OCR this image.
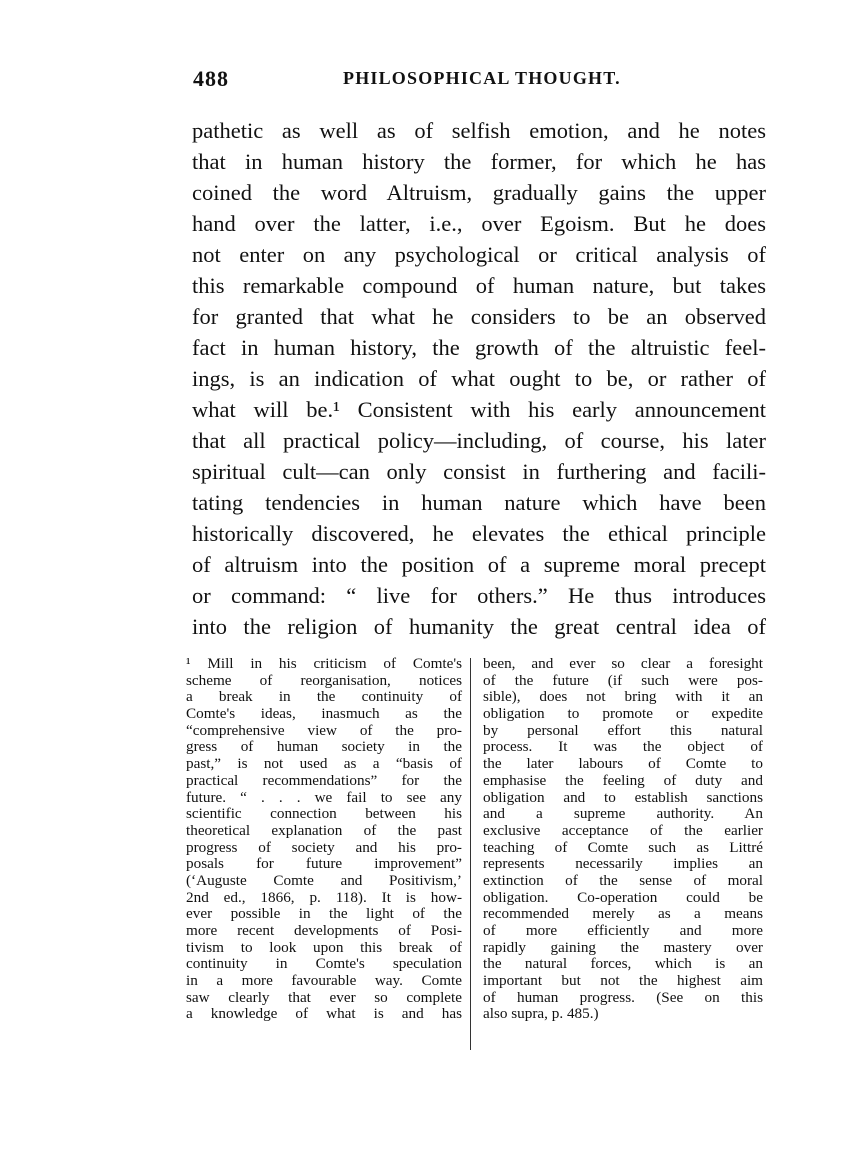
488	PHILOSOPHICAL THOUGHT.
pathetic as well as of selfish emotion, and he notes
that in human history the former, for which he has
coined the word Altruism, gradually gains the upper
hand over the latter, i.e., over Egoism. But he does
not enter on any psychological or critical analysis of
this remarkable compound of human nature, but takes
for granted that what he considers to be an observed
fact in human history, the growth of the altruistic feel-
ings, is an indication of what ought to be, or rather of
what will be.¹ Consistent with his early announcement
that all practical policy—including, of course, his later
spiritual cult—can only consist in furthering and facili-
tating tendencies in human nature which have been
historically discovered, he elevates the ethical principle
of altruism into the position of a supreme moral precept
or command: “ live for others.” He thus introduces
into the religion of humanity the great central idea of
¹ Mill in his criticism of Comte's
scheme of reorganisation, notices
a break in the continuity of
Comte's ideas, inasmuch as the
“comprehensive view of the pro-
gress of human society in the
past,” is not used as a “basis of
practical recommendations” for the
future. “ . . . we fail to see any
scientific connection between his
theoretical explanation of the past
progress of society and his pro-
posals for future improvement”
(‘Auguste Comte and Positivism,’
2nd ed., 1866, p. 118). It is how-
ever possible in the light of the
more recent developments of Posi-
tivism to look upon this break of
continuity in Comte's speculation
in a more favourable way. Comte
saw clearly that ever so complete
a knowledge of what is and has
been, and ever so clear a foresight
of the future (if such were pos-
sible), does not bring with it an
obligation to promote or expedite
by personal effort this natural
process. It was the object of
the later labours of Comte to
emphasise the feeling of duty and
obligation and to establish sanctions
and a supreme authority. An
exclusive acceptance of the earlier
teaching of Comte such as Littré
represents necessarily implies an
extinction of the sense of moral
obligation. Co-operation could be
recommended merely as a means
of more efficiently and more
rapidly gaining the mastery over
the natural forces, which is an
important but not the highest aim
of human progress. (See on this
also supra, p. 485.)
